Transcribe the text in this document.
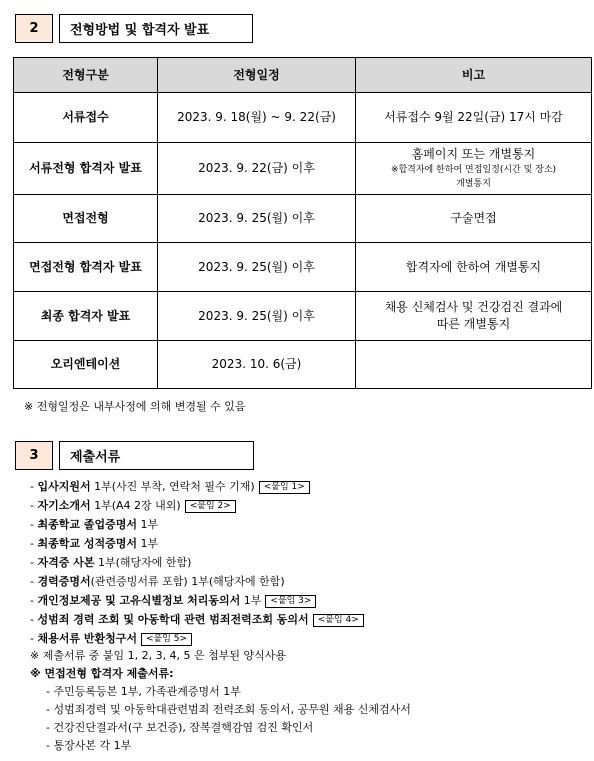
2	전형방법 및 합격자 발표
전형구분	전형일정	비고
서류접수	2023. 9. 18(월) ~ 9. 22(금)	서류접수 9월 22일(금) 17시 마감
서류전형 합격자 발표	2023. 9. 22(금) 이후	홈페이지 또는 개별통지
※합격자에 한하여 면접일정(시간 및 장소)
개별통지

면접전형	2023. 9. 25(월) 이후	구술면접
면접전형 합격자 발표	2023. 9. 25(월) 이후	합격자에 한하여 개별통지
최종 합격자 발표	2023. 9. 25(월) 이후	채용 신체검사 및 건강검진 결과에
따른 개별통지

오리엔테이션	2023. 10. 6(금)	
※ 전형일정은 내부사정에 의해 변경될 수 있음
3	제출서류
- 입사지원서 1부(사진 부착, 연락처 필수 기재) <붙임 1>
- 자기소개서 1부(A4 2장 내외) <붙임 2>
- 최종학교 졸업증명서 1부
- 최종학교 성적증명서 1부
- 자격증 사본 1부(해당자에 한함)
- 경력증명서(관련증빙서류 포함) 1부(해당자에 한함)
- 개인정보제공 및 고유식별정보 처리동의서 1부 <붙임 3>
- 성범죄 경력 조회 및 아동학대 관련 범죄전력조회 동의서 <붙임 4>
- 채용서류 반환청구서 <붙임 5>
※ 제출서류 중 붙임 1, 2, 3, 4, 5 은 첨부된 양식사용
※ 면접전형 합격자 제출서류:
- 주민등록등본 1부, 가족관계증명서 1부
- 성범죄경력 및 아동학대관련범죄 전력조회 동의서, 공무원 채용 신체검사서
- 건강진단결과서(구 보건증), 잠복결핵감염 검진 확인서
- 통장사본 각 1부
